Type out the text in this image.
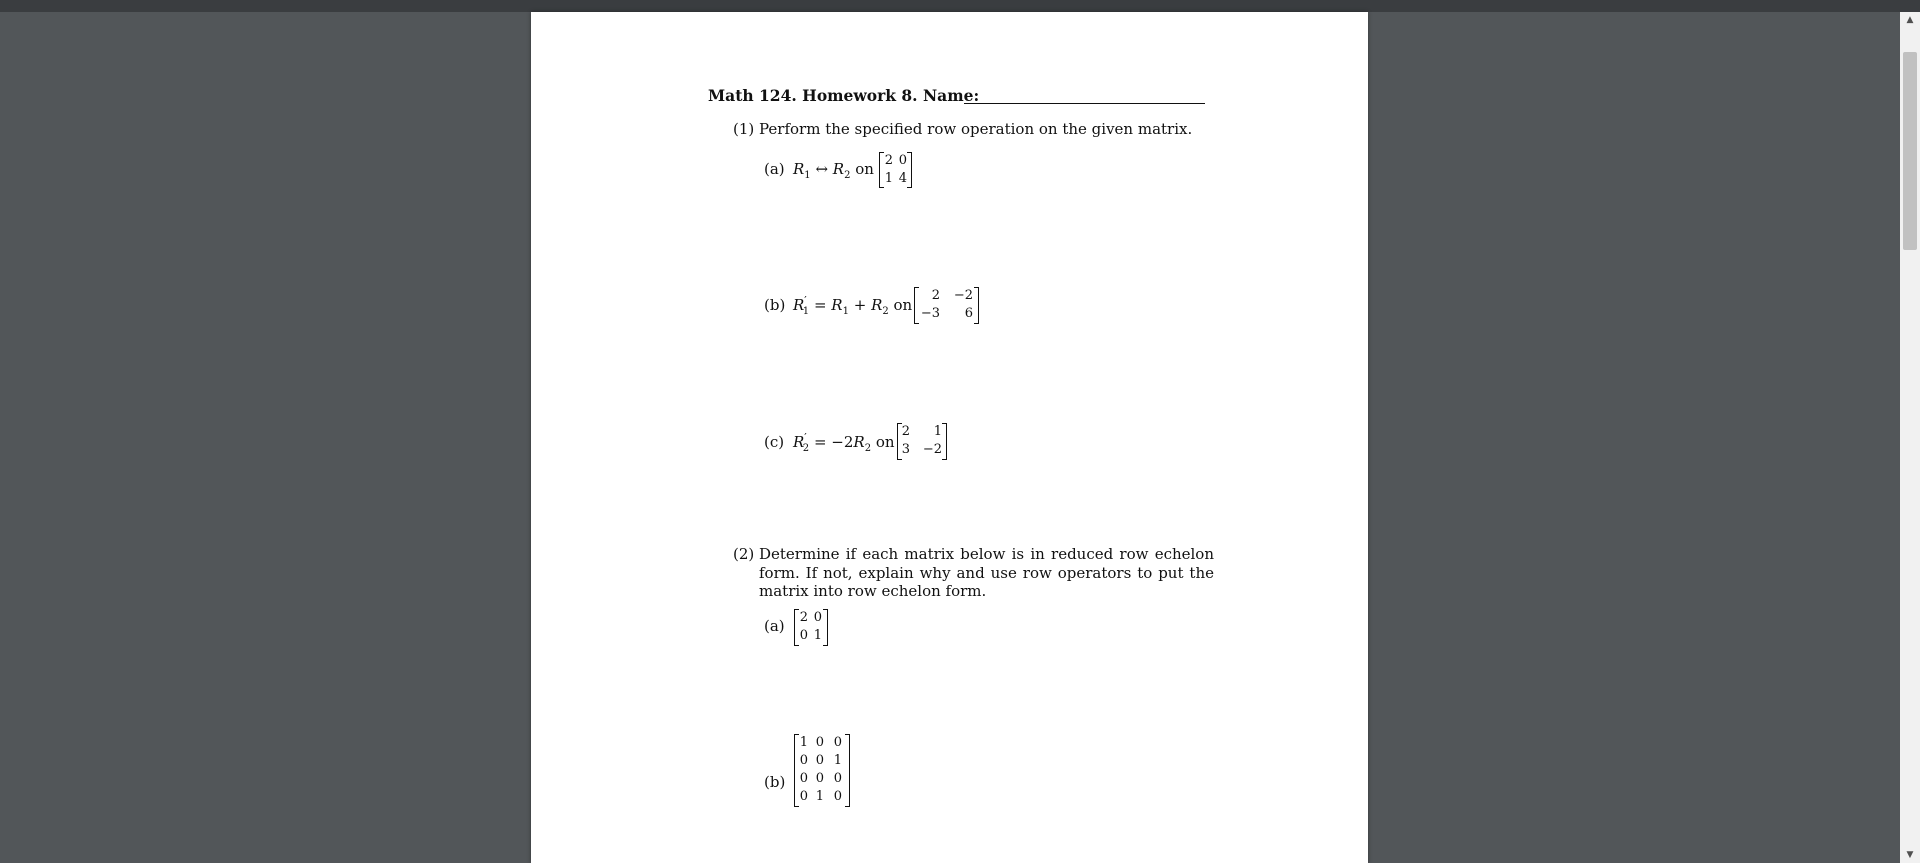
Math 124. Homework 8. Name:
(1) Perform the specified row operation on the given matrix.
(a) $R_1$ ↔ $R_2$ on 2 0
1 4
(b) $R'_1 = R_1 + R_2$ on
2	−2
−3	6
(c) $R'_2 = -2R_2$ on
2	1
3 −2
(2) Determine if each matrix below is in reduced row echelon form. If not, explain why and use row operators to put the matrix into row echelon form.
(a) 2 0
0 1
(b)
1 0 0
0 0 1
0 0 0
0 1 0
▲
▼
